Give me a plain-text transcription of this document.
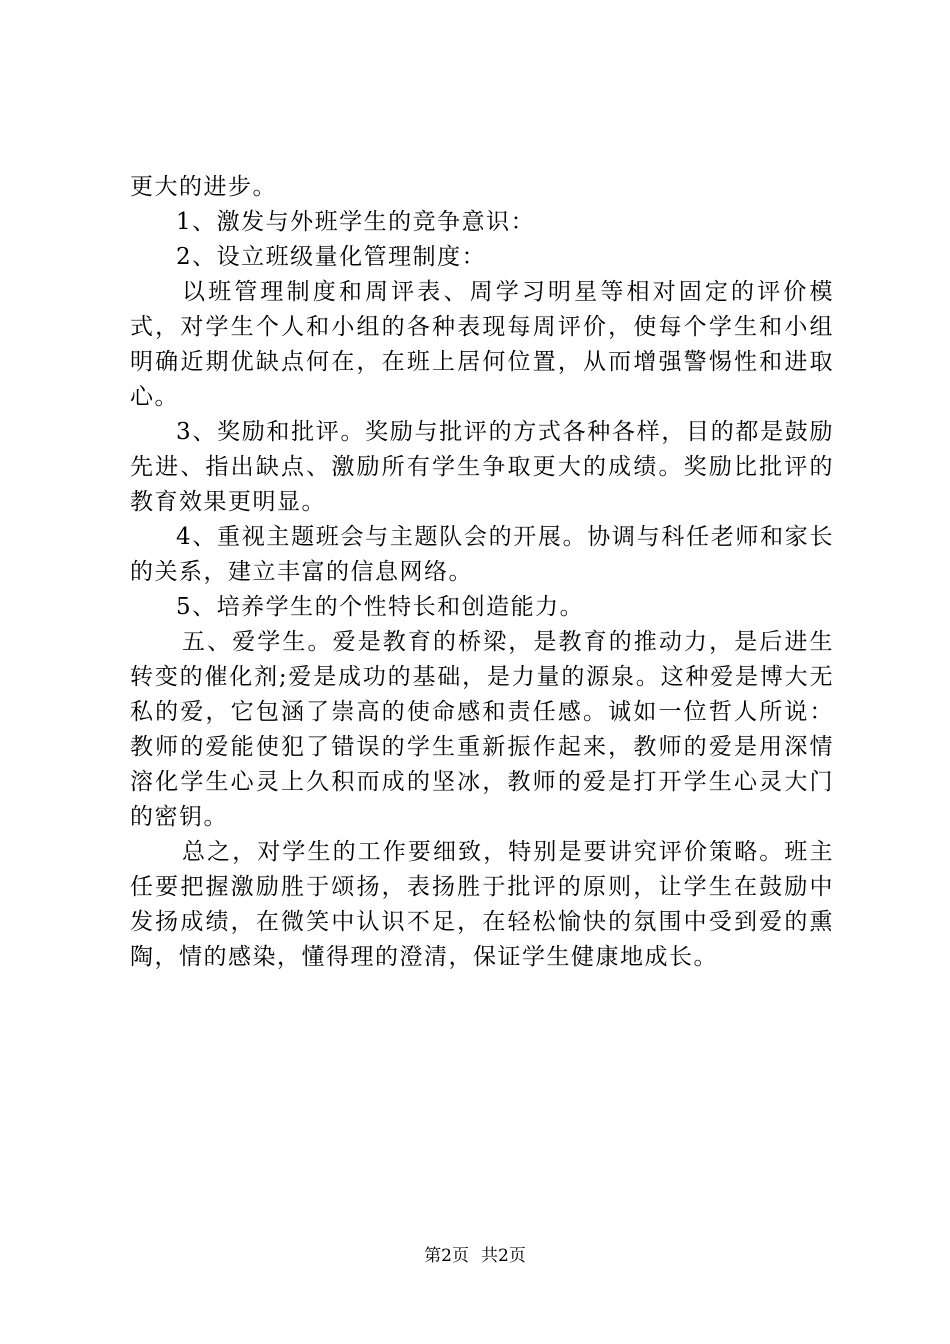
更大的进步。

1、激发与外班学生的竞争意识：

2、设立班级量化管理制度：

以班管理制度和周评表、周学习明星等相对固定的评价模式，对学生个人和小组的各种表现每周评价，使每个学生和小组明确近期优缺点何在，在班上居何位置，从而增强警惕性和进取心。

3、奖励和批评。奖励与批评的方式各种各样，目的都是鼓励先进、指出缺点、激励所有学生争取更大的成绩。奖励比批评的教育效果更明显。

4、重视主题班会与主题队会的开展。协调与科任老师和家长的关系，建立丰富的信息网络。

5、培养学生的个性特长和创造能力。

五、爱学生。爱是教育的桥梁，是教育的推动力，是后进生转变的催化剂;爱是成功的基础，是力量的源泉。这种爱是博大无私的爱，它包涵了崇高的使命感和责任感。诚如一位哲人所说：教师的爱能使犯了错误的学生重新振作起来，教师的爱是用深情溶化学生心灵上久积而成的坚冰，教师的爱是打开学生心灵大门的密钥。

总之，对学生的工作要细致，特别是要讲究评价策略。班主任要把握激励胜于颂扬，表扬胜于批评的原则，让学生在鼓励中发扬成绩，在微笑中认识不足，在轻松愉快的氛围中受到爱的熏陶，情的感染，懂得理的澄清，保证学生健康地成长。

第2页 共2页
